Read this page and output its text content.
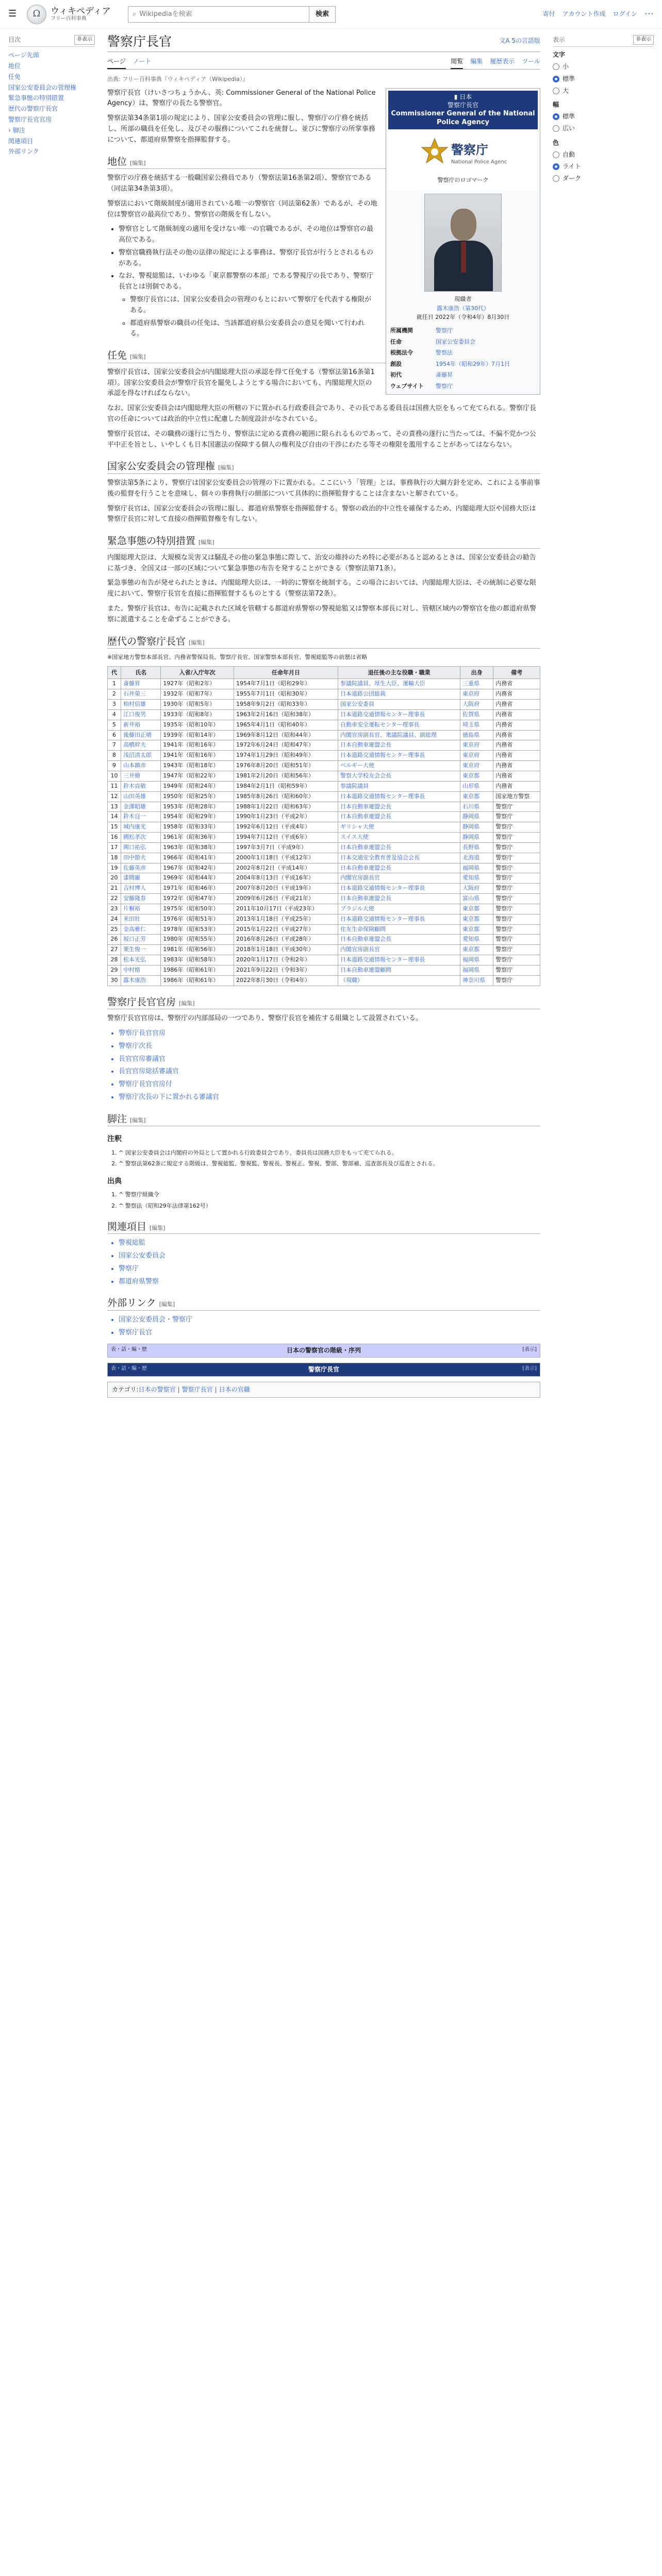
☰	Ω	ウィキペディア
フリー百科事典
⌕ Wikipediaを検索	検索	寄付 アカウント作成 ログイン ･･･
目次	非表示
ページ先頭
地位
任免
国家公安委員会の管理権
緊急事態の特別措置
歴代の警察庁長官
警察庁長官官房
› 脚注
関連項目
外部リンク
文A 5の言語版
警察庁長官
ページ ノート	閲覧 編集 履歴表示 ツール
出典: フリー百科事典『ウィキペディア（Wikipedia）』
▮ 日本
警察庁長官
Commissioner General of the National Police Agency
警察庁
National Police Agency
警察庁のロゴマーク
現職者
露木康浩（第30代）
就任日 2022年（令和4年）8月30日
所属機関	警察庁
任命	国家公安委員会
根拠法令	警察法
創設	1954年（昭和29年）7月1日
初代	斎藤昇
ウェブサイト	警察庁

警察庁長官（けいさつちょうかん、英: Commissioner General of the National Police Agency）は、警察庁の長たる警察官。

警察法第34条第1項の規定により、国家公安委員会の管理に服し、警察庁の庁務を統括し、所部の職員を任免し、及びその服務についてこれを統督し、並びに警察庁の所掌事務について、都道府県警察を指揮監督する。

地位 [編集]

警察庁の庁務を統括する一般職国家公務員であり（警察法第16条第2項）、警察官である（同法第34条第3項）。

警察法において階級制度が適用されている唯一の警察官（同法第62条）であるが、その地位は警察官の最高位であり、警察官の階級を有しない。

• 警察官として階級制度の適用を受けない唯一の官職であるが、その地位は警察官の最高位である。
• 警察官職務執行法その他の法律の規定による事務は、警察庁長官が行うとされるものがある。
• なお、警視総監は、いわゆる「東京都警察の本部」である警視庁の長であり、警察庁長官とは別個である。
◦ 警察庁長官には、国家公安委員会の管理のもとにおいて警察庁を代表する権限がある。
◦ 都道府県警察の職員の任免は、当該都道府県公安委員会の意見を聞いて行われる。
任免 [編集]

警察庁長官は、国家公安委員会が内閣総理大臣の承認を得て任免する（警察法第16条第1項）。国家公安委員会が警察庁長官を罷免しようとする場合においても、内閣総理大臣の承認を得なければならない。

なお、国家公安委員会は内閣総理大臣の所轄の下に置かれる行政委員会であり、その長である委員長は国務大臣をもって充てられる。警察庁長官の任命については政治的中立性に配慮した制度設計がなされている。

警察庁長官は、その職務の遂行に当たり、警察法に定める責務の範囲に限られるものであって、その責務の遂行に当たっては、不偏不党かつ公平中正を旨とし、いやしくも日本国憲法の保障する個人の権利及び自由の干渉にわたる等その権限を濫用することがあってはならない。

国家公安委員会の管理権 [編集]

警察法第5条により、警察庁は国家公安委員会の管理の下に置かれる。ここにいう「管理」とは、事務執行の大綱方針を定め、これによる事前事後の監督を行うことを意味し、個々の事務執行の細部について具体的に指揮監督することは含まないと解されている。

警察庁長官は、国家公安委員会の管理に服し、都道府県警察を指揮監督する。警察の政治的中立性を確保するため、内閣総理大臣や国務大臣は警察庁長官に対して直接の指揮監督権を有しない。

緊急事態の特別措置 [編集]

内閣総理大臣は、大規模な災害又は騒乱その他の緊急事態に際して、治安の維持のため特に必要があると認めるときは、国家公安委員会の勧告に基づき、全国又は一部の区域について緊急事態の布告を発することができる（警察法第71条）。

緊急事態の布告が発せられたときは、内閣総理大臣は、一時的に警察を統制する。この場合においては、内閣総理大臣は、その統制に必要な限度において、警察庁長官を直接に指揮監督するものとする（警察法第72条）。

また、警察庁長官は、布告に記載された区域を管轄する都道府県警察の警視総監又は警察本部長に対し、管轄区域内の警察官を他の都道府県警察に派遣することを命ずることができる。

歴代の警察庁長官 [編集]

※国家地方警察本部長官、内務省警保局長、警察庁長官、国家警察本部長官、警視総監等の前歴は省略

代	氏名	入省/入庁年次	任命年月日	退任後の主な役職・職業	出身	備考
1	斎藤昇	1927年（昭和2年）	1954年7月1日（昭和29年）	参議院議員、厚生大臣、運輸大臣	三重県	内務省
2	石井榮三	1932年（昭和7年）	1955年7月1日（昭和30年）	日本道路公団総裁	東京府	内務省
3	柏村信雄	1930年（昭和5年）	1958年9月2日（昭和33年）	国家公安委員	大阪府	内務省
4	江口俊男	1933年（昭和8年）	1963年2月16日（昭和38年）	日本道路交通情報センター理事長	佐賀県	内務省
5	新井裕	1935年（昭和10年）	1965年4月1日（昭和40年）	自動車安全運転センター理事長	埼玉県	内務省
6	後藤田正晴	1939年（昭和14年）	1969年8月12日（昭和44年）	内閣官房副長官、衆議院議員、副総理	徳島県	内務省
7	高橋幹夫	1941年（昭和16年）	1972年6月24日（昭和47年）	日本自動車連盟会長	東京府	内務省
8	浅沼清太郎	1941年（昭和16年）	1974年1月29日（昭和49年）	日本道路交通情報センター理事長	東京府	内務省
9	山本鎮彦	1943年（昭和18年）	1976年8月20日（昭和51年）	ベルギー大使	東京府	内務省
10	三井脩	1947年（昭和22年）	1981年2月20日（昭和56年）	警察大学校友会会長	東京都	内務省
11	鈴木貞敏	1949年（昭和24年）	1984年2月1日（昭和59年）	参議院議員	山形県	内務省
12	山田英雄	1950年（昭和25年）	1985年8月26日（昭和60年）	日本道路交通情報センター理事長	東京都	国家地方警察
13	金澤昭雄	1953年（昭和28年）	1988年1月22日（昭和63年）	日本自動車連盟会長	石川県	警察庁
14	鈴木良一	1954年（昭和29年）	1990年1月23日（平成2年）	日本自動車連盟会長	静岡県	警察庁
15	城内康光	1958年（昭和33年）	1992年6月12日（平成4年）	ギリシャ大使	静岡県	警察庁
16	國松孝次	1961年（昭和36年）	1994年7月12日（平成6年）	スイス大使	静岡県	警察庁
17	関口祐弘	1963年（昭和38年）	1997年3月7日（平成9年）	日本自動車連盟会長	長野県	警察庁
18	田中節夫	1966年（昭和41年）	2000年1月18日（平成12年）	日本交通安全教育普及協会会長	北海道	警察庁
19	佐藤英彦	1967年（昭和42年）	2002年8月2日（平成14年）	日本自動車連盟会長	福岡県	警察庁
20	漆間巌	1969年（昭和44年）	2004年8月13日（平成16年）	内閣官房副長官	愛知県	警察庁
21	吉村博人	1971年（昭和46年）	2007年8月20日（平成19年）	日本道路交通情報センター理事長	大阪府	警察庁
22	安藤隆春	1972年（昭和47年）	2009年6月26日（平成21年）	日本自動車連盟会長	富山県	警察庁
23	片桐裕	1975年（昭和50年）	2011年10月17日（平成23年）	ブラジル大使	東京都	警察庁
24	米田壯	1976年（昭和51年）	2013年1月18日（平成25年）	日本道路交通情報センター理事長	東京都	警察庁
25	金高雅仁	1978年（昭和53年）	2015年1月22日（平成27年）	住友生命保険顧問	東京都	警察庁
26	坂口正芳	1980年（昭和55年）	2016年8月26日（平成28年）	日本自動車連盟会長	愛知県	警察庁
27	栗生俊一	1981年（昭和56年）	2018年1月18日（平成30年）	内閣官房副長官	東京都	警察庁
28	松本光弘	1983年（昭和58年）	2020年1月17日（令和2年）	日本道路交通情報センター理事長	福岡県	警察庁
29	中村格	1986年（昭和61年）	2021年9月22日（令和3年）	日本自動車連盟顧問	福岡県	警察庁
30	露木康浩	1986年（昭和61年）	2022年8月30日（令和4年）	（現職）	神奈川県	警察庁
警察庁長官官房 [編集]

警察庁長官官房は、警察庁の内部部局の一つであり、警察庁長官を補佐する組織として設置されている。

• 警察庁長官官房
• 警察庁次長
• 長官官房審議官
• 長官官房総括審議官
• 警察庁長官官房付
• 警察庁次長の下に置かれる審議官
脚注 [編集]
注釈
1. ^ 国家公安委員会は内閣府の外局として置かれる行政委員会であり、委員長は国務大臣をもって充てられる。
2. ^ 警察法第62条に規定する階級は、警視総監、警視監、警視長、警視正、警視、警部、警部補、巡査部長及び巡査とされる。
出典
1. ^ 警察庁組織令
2. ^ 警察法（昭和29年法律第162号）
関連項目 [編集]
• 警視総監
• 国家公安委員会
• 警察庁
• 都道府県警察
外部リンク [編集]
• 国家公安委員会・警察庁
• 警察庁長官
表・話・編・歴	日本の警察官の階級・序列	[表示]
表・話・編・歴	警察庁長官	[表示]
カテゴリ:日本の警察官 | 警察庁長官 | 日本の官職
表示	非表示
文字
小
標準
大
幅
標準
広い
色
自動
ライト
ダーク
